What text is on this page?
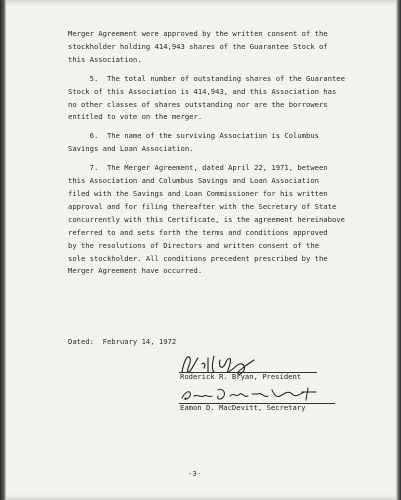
Merger Agreement were approved by the written consent of the
stockholder holding 414,943 shares of the Guarantee Stock of
this Association.

5.  The total number of outstanding shares of the Guarantee
Stock of this Association is 414,943, and this Association has
no other classes of shares outstanding nor are the borrowers
entitled to vote on the merger.

6.  The name of the surviving Association is Columbus
Savings and Loan Association.

7.  The Merger Agreement, dated April 22, 1971, between
this Association and Columbus Savings and Loan Association
filed with the Savings and Loan Commissioner for his written
approval and for filing thereafter with the Secretary of State
concurrently with this Certificate, is the agreement hereinabove
referred to and sets forth the terms and conditions approved
by the resolutions of Directors and written consent of the
sole stockholder. All conditions precedent prescribed by the
Merger Agreement have occurred.

Dated:  February 14, 1972
Roderick R. Bryan, President
Eamon D. MacDevitt, Secretary
-3-
